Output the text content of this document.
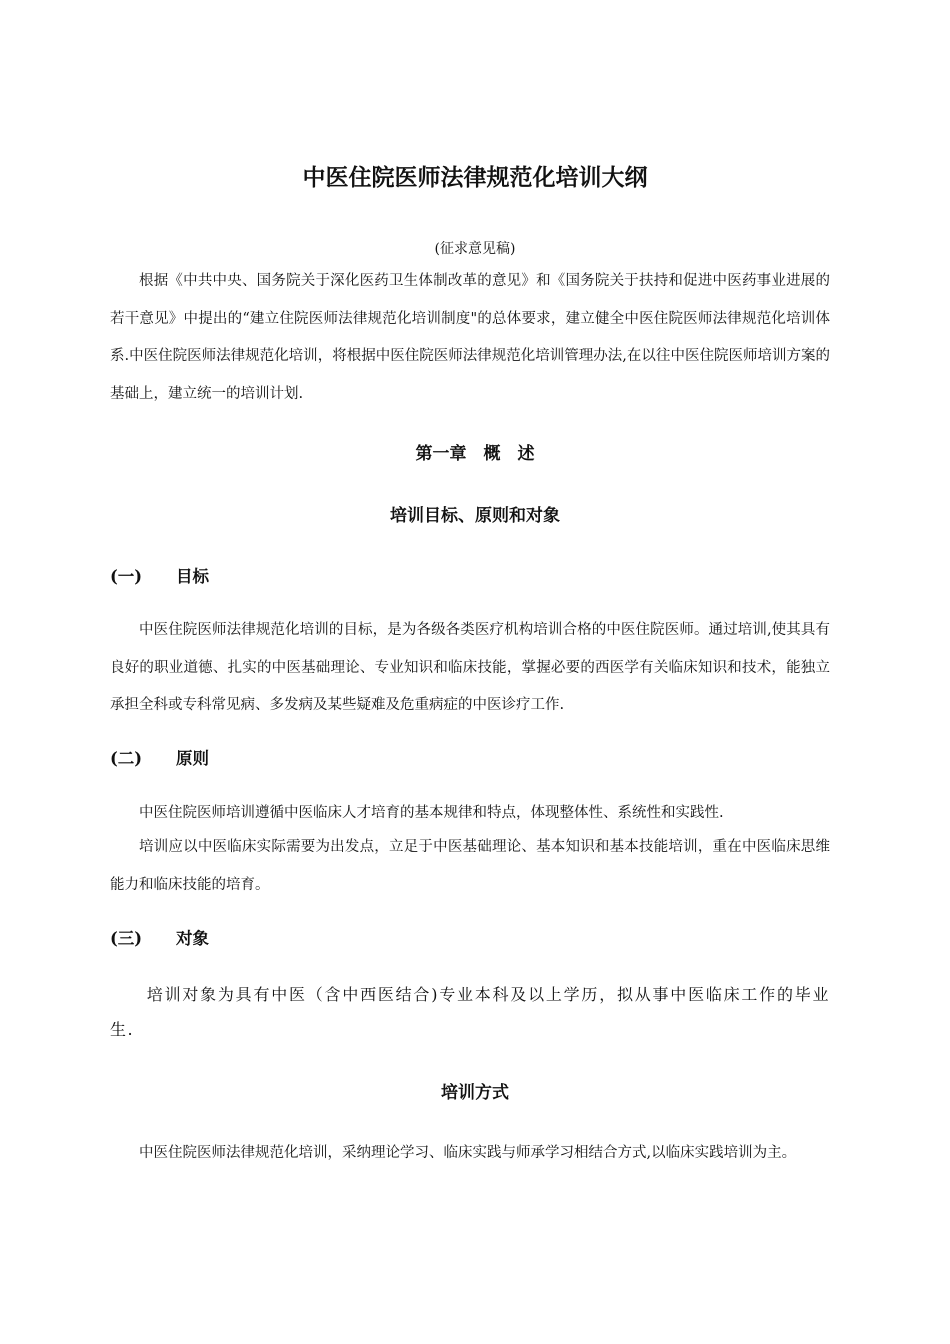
中医住院医师法律规范化培训大纲
(征求意见稿)

根据《中共中央、国务院关于深化医药卫生体制改革的意见》和《国务院关于扶持和促进中医药事业进展的若干意见》中提出的“建立住院医师法律规范化培训制度"的总体要求，建立健全中医住院医师法律规范化培训体系.中医住院医师法律规范化培训，将根据中医住院医师法律规范化培训管理办法,在以往中医住院医师培训方案的基础上，建立统一的培训计划.

第一章　概　述
培训目标、原则和对象
(一) 目标

中医住院医师法律规范化培训的目标，是为各级各类医疗机构培训合格的中医住院医师。通过培训,使其具有良好的职业道德、扎实的中医基础理论、专业知识和临床技能，掌握必要的西医学有关临床知识和技术，能独立承担全科或专科常见病、多发病及某些疑难及危重病症的中医诊疗工作.

(二) 原则

中医住院医师培训遵循中医临床人才培育的基本规律和特点，体现整体性、系统性和实践性.

培训应以中医临床实际需要为出发点，立足于中医基础理论、基本知识和基本技能培训，重在中医临床思维能力和临床技能的培育。

(三) 对象

培训对象为具有中医（含中西医结合)专业本科及以上学历，拟从事中医临床工作的毕业生.

培训方式

中医住院医师法律规范化培训，采纳理论学习、临床实践与师承学习相结合方式,以临床实践培训为主。
